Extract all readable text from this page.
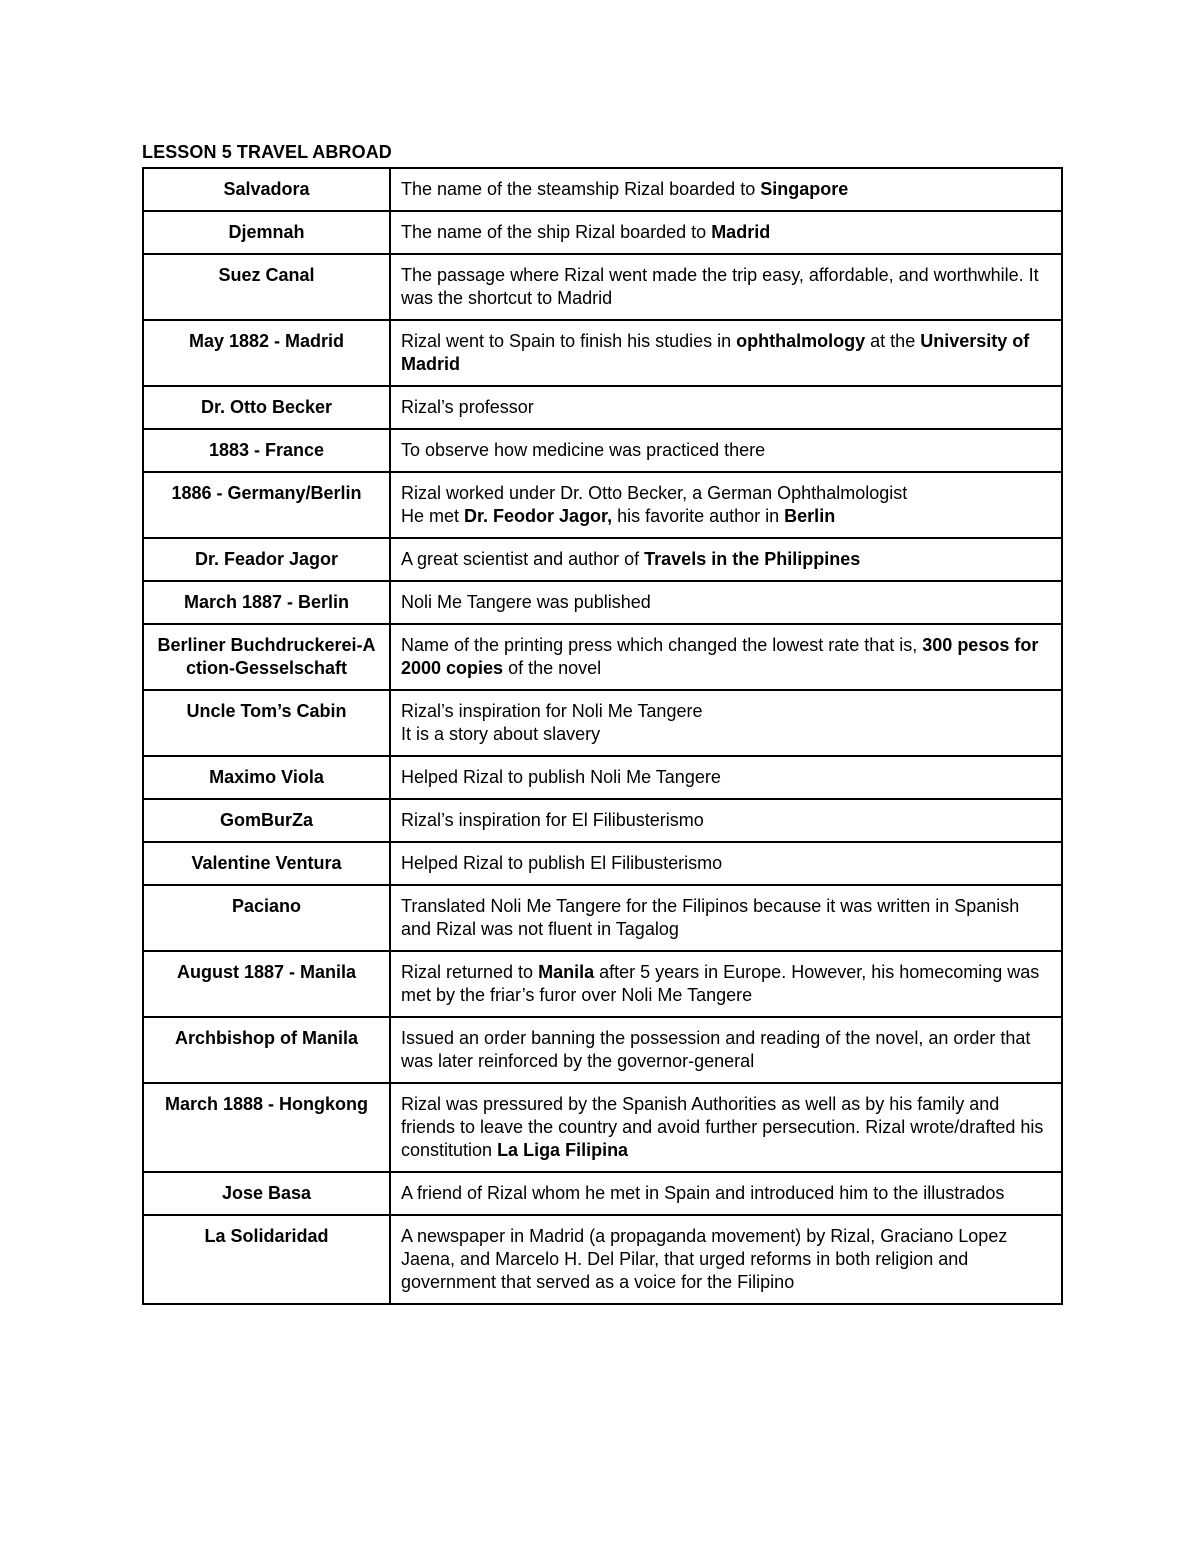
LESSON 5 TRAVEL ABROAD
Salvadora	The name of the steamship Rizal boarded to Singapore

Djemnah	The name of the ship Rizal boarded to Madrid

Suez Canal	The passage where Rizal went made the trip easy, affordable, and worthwhile. It was the shortcut to Madrid

May 1882 - Madrid	Rizal went to Spain to finish his studies in ophthalmology at the University of Madrid

Dr. Otto Becker	Rizal’s professor

1883 - France	To observe how medicine was practiced there

1886 - Germany/Berlin	Rizal worked under Dr. Otto Becker, a German Ophthalmologist
He met Dr. Feodor Jagor, his favorite author in Berlin

Dr. Feador Jagor	A great scientist and author of Travels in the Philippines

March 1887 - Berlin	Noli Me Tangere was published

Berliner Buchdruckerei-Action-Gesselschaft	Name of the printing press which changed the lowest rate that is, 300 pesos for 2000 copies of the novel

Uncle Tom’s Cabin	Rizal’s inspiration for Noli Me Tangere
It is a story about slavery

Maximo Viola	Helped Rizal to publish Noli Me Tangere

GomBurZa	Rizal’s inspiration for El Filibusterismo

Valentine Ventura	Helped Rizal to publish El Filibusterismo

Paciano	Translated Noli Me Tangere for the Filipinos because it was written in Spanish and Rizal was not fluent in Tagalog

August 1887 - Manila	Rizal returned to Manila after 5 years in Europe. However, his homecoming was met by the friar’s furor over Noli Me Tangere

Archbishop of Manila	Issued an order banning the possession and reading of the novel, an order that was later reinforced by the governor-general

March 1888 - Hongkong	Rizal was pressured by the Spanish Authorities as well as by his family and friends to leave the country and avoid further persecution. Rizal wrote/drafted his constitution La Liga Filipina

Jose Basa	A friend of Rizal whom he met in Spain and introduced him to the illustrados

La Solidaridad	A newspaper in Madrid (a propaganda movement) by Rizal, Graciano Lopez Jaena, and Marcelo H. Del Pilar, that urged reforms in both religion and government that served as a voice for the Filipino
